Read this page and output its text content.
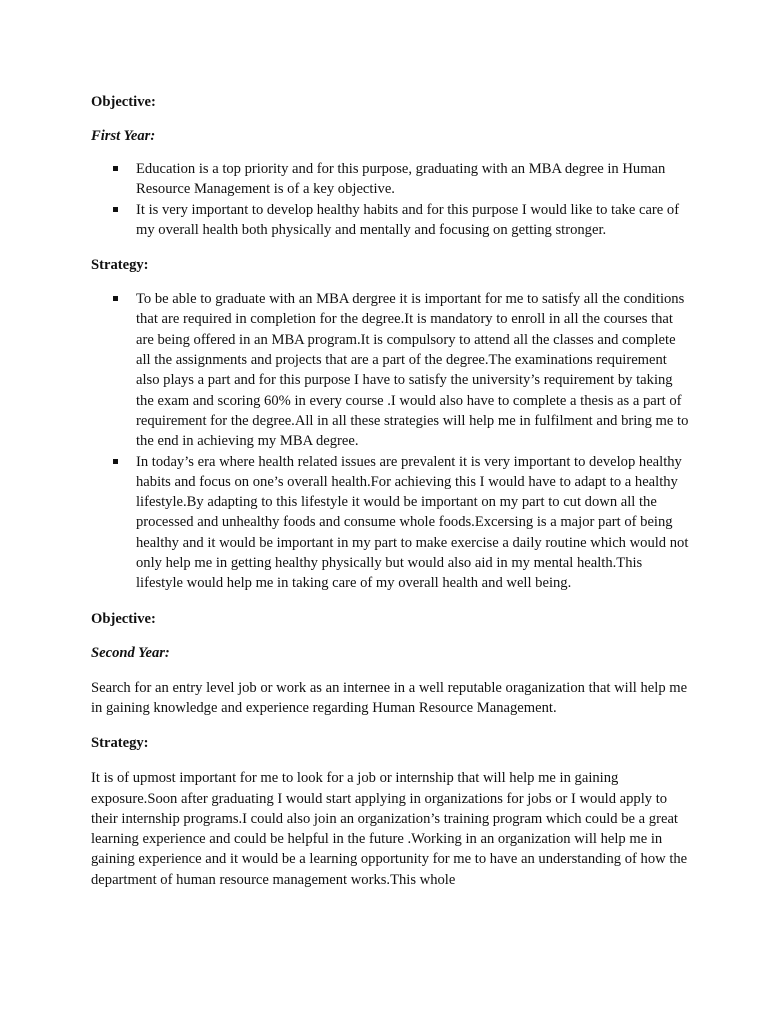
Objective:

First Year:

Education is a top priority and for this purpose, graduating with an MBA degree in Human Resource Management is of a key objective.
It is very important to develop healthy habits and for this purpose I would like to take care of my overall health both physically and mentally and focusing on getting stronger.

Strategy:

To be able to graduate with an MBA dergree it is important for me to satisfy all the conditions that are required in completion for the degree.It is mandatory to enroll in all the courses that are being offered in an MBA program.It is compulsory to attend all the classes and complete all the assignments and projects that are a part of the degree.The examinations requirement also plays a part and for this purpose I have to satisfy the university’s requirement by taking the exam and scoring 60% in every course .I would also have to complete a thesis as a part of requirement for the degree.All in all these strategies will help me in fulfilment and bring me to the end in achieving my MBA degree.
In today’s era where health related issues are prevalent it is very important to develop healthy habits and focus on one’s overall health.For achieving this I would have to adapt to a healthy lifestyle.By adapting to this lifestyle it would be important on my part to cut down all the processed and unhealthy foods and consume whole foods.Excersing is a major part of being healthy and it would be important in my part to make exercise a daily routine which would not only help me in getting healthy physically but would also aid in my mental health.This lifestyle would help me in taking care of my overall health and well being.

Objective:

Second Year:

Search for an entry level job or work as an internee in a well reputable oraganization that will help me in gaining knowledge and experience regarding Human Resource Management.

Strategy:

It is of upmost important for me to look for a job or internship that will help me in gaining exposure.Soon after graduating I would start applying in organizations for jobs or I would apply to their internship programs.I could also join an organization’s training program which could be a great learning experience and could be helpful in the future .Working in an organization will help me in gaining experience and it would be a learning opportunity for me to have an understanding of how the department of human resource management works.This whole
